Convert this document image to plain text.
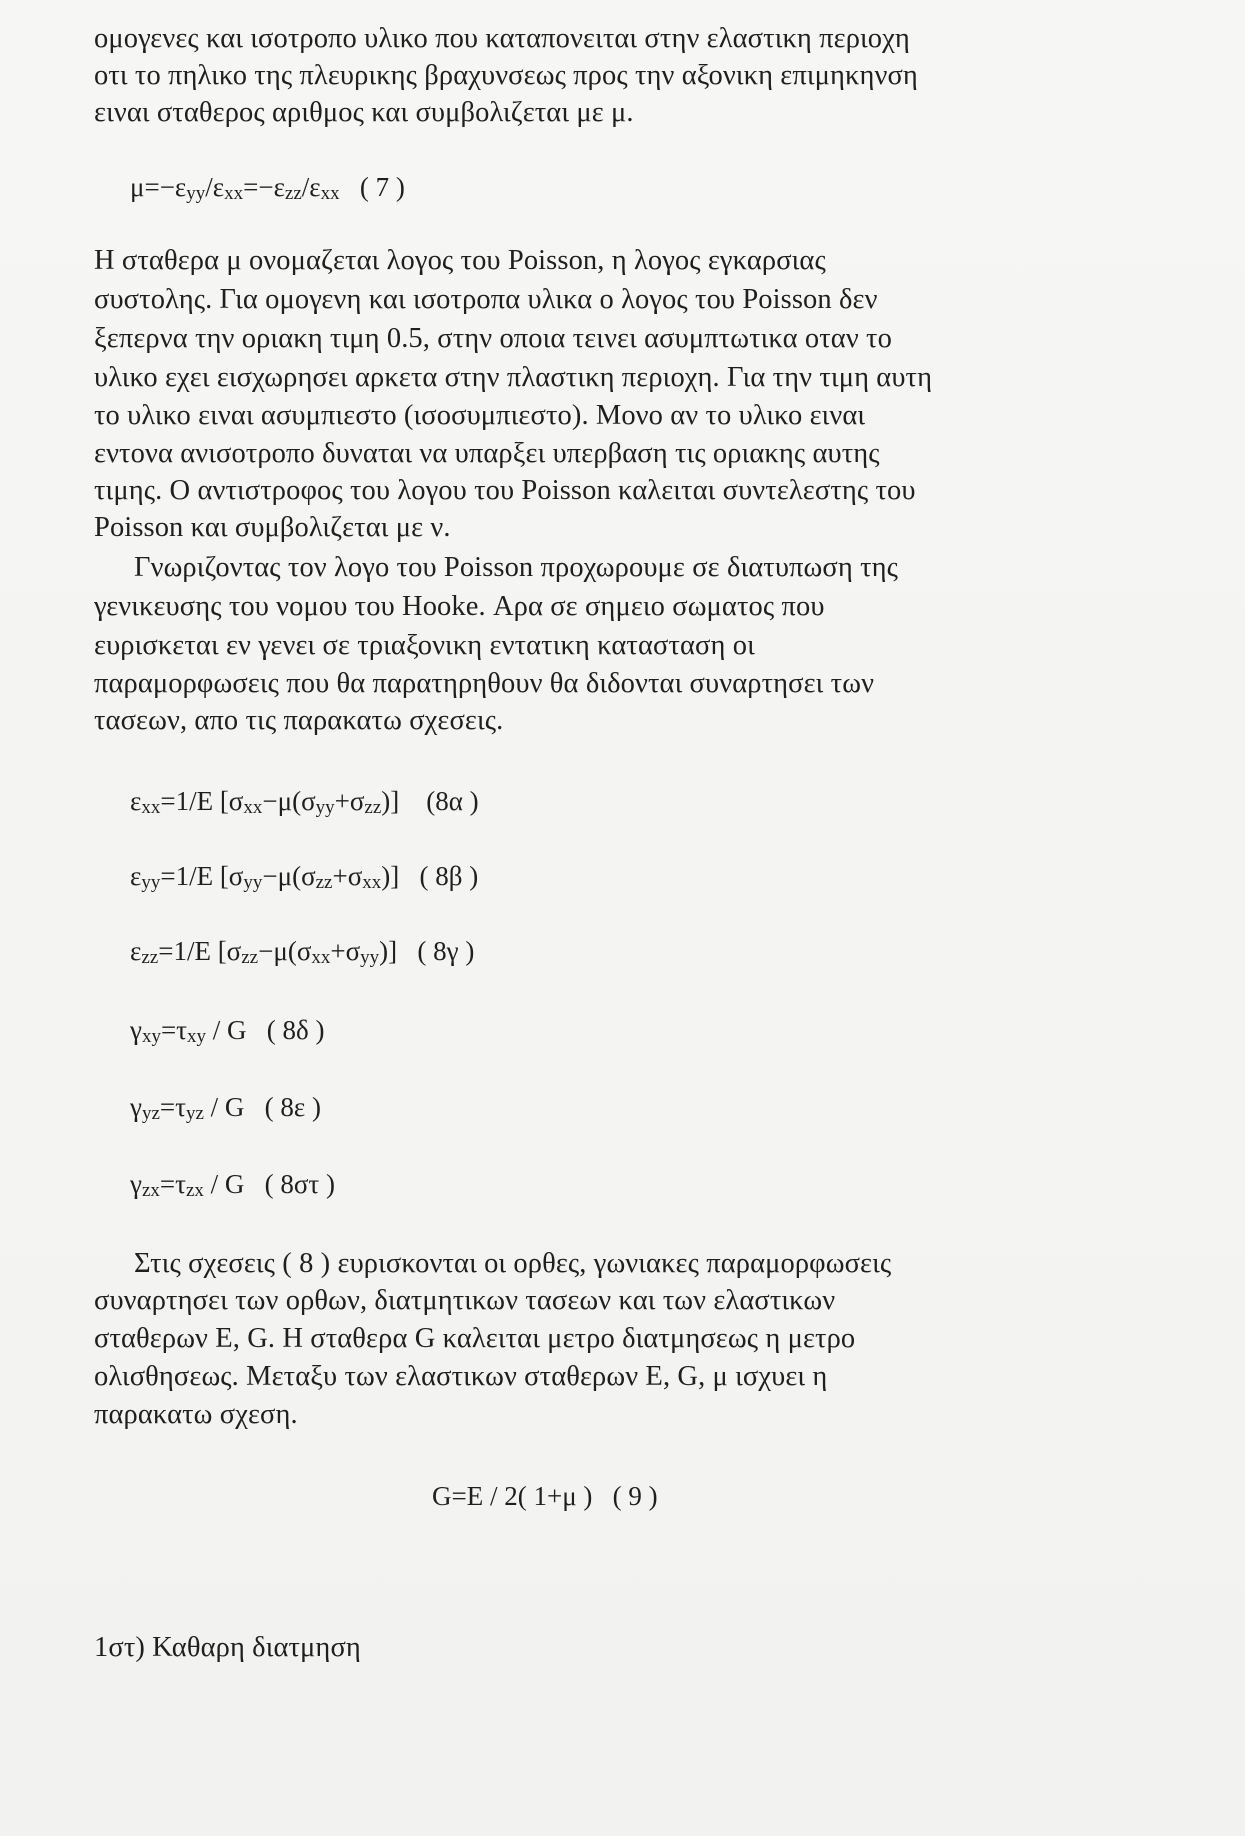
ομογενες και ισοτροπο υλικο που καταπονειται στην ελαστικη περιοχη
οτι το πηλικο της πλευρικης βραχυνσεως προς την αξονικη επιμηκηνση
ειναι σταθερος αριθμος και συμβολιζεται με μ.
$\mu=-\varepsilon_{yy}/\varepsilon_{xx}=-\varepsilon_{zz}/\varepsilon_{xx}$ ( 7 )
Η σταθερα μ ονομαζεται λογος του Poisson, η λογος εγκαρσιας
συστολης. Για ομογενη και ισοτροπα υλικα ο λογος του Poisson δεν
ξεπερνα την οριακη τιμη 0.5, στην οποια τεινει ασυμπτωτικα οταν το
υλικο εχει εισχωρησει αρκετα στην πλαστικη περιοχη. Για την τιμη αυτη
το υλικο ειναι ασυμπιεστο (ισοσυμπιεστο). Μονο αν το υλικο ειναι
εντονα ανισοτροπο δυναται να υπαρξει υπερβαση τις οριακης αυτης
τιμης. Ο αντιστροφος του λογου του Poisson καλειται συντελεστης του
Poisson και συμβολιζεται με ν.
Γνωριζοντας τον λογο του Poisson προχωρουμε σε διατυπωση της
γενικευσης του νομου του Hooke. Αρα σε σημειο σωματος που
ευρισκεται εν γενει σε τριαξονικη εντατικη κατασταση οι
παραμορφωσεις που θα παρατηρηθουν θα διδονται συναρτησει των
τασεων, απο τις παρακατω σχεσεις.
$\varepsilon_{xx}=1/E$ $[\sigma_{xx}-\mu(\sigma_{yy}+\sigma_{zz})]$ (8α )
$\varepsilon_{yy}=1/E$ $[\sigma_{yy}-\mu(\sigma_{zz}+\sigma_{xx})]$ ( 8β )
$\varepsilon_{zz}=1/E$ $[\sigma_{zz}-\mu(\sigma_{xx}+\sigma_{yy})]$ ( 8γ )
$\gamma_{xy}=\tau_{xy} / G$ ( 8δ )
$\gamma_{yz}=\tau_{yz} / G$ ( 8ε )
$\gamma_{zx}=\tau_{zx} / G$ ( 8στ )
Στις σχεσεις ( 8 ) ευρισκονται οι ορθες, γωνιακες παραμορφωσεις
συναρτησει των ορθων, διατμητικων τασεων και των ελαστικων
σταθερων Ε, G. Η σταθερα G καλειται μετρο διατμησεως η μετρο
ολισθησεως. Μεταξυ των ελαστικων σταθερων Ε, G, μ ισχυει η
παρακατω σχεση.
G=E / 2( 1+μ ) ( 9 )
1στ) Καθαρη διατμηση
